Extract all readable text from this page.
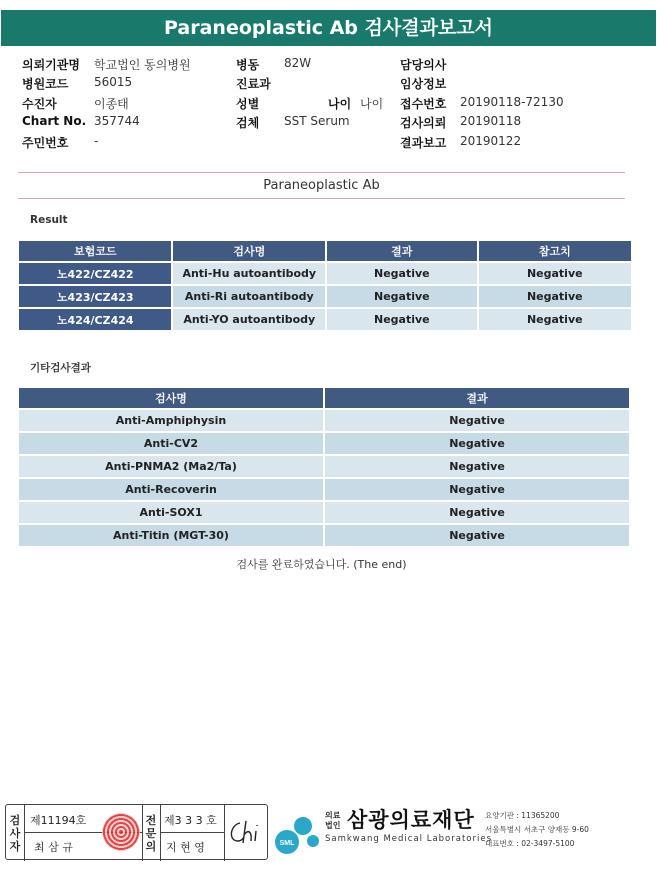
Paraneoplastic Ab 검사결과보고서
의뢰기관명 학교법인 동의병원	병동 82W	담당의사
병원코드 56015	진료과	임상정보
수진자	이종태	성별	나이 나이 접수번호 20190118-72130
Chart No. 357744	검체 SST Serum	검사의뢰 20190118
주민번호 -	결과보고 20190122
Paraneoplastic Ab
Result
보험코드	검사명	결과	참고치
노422/CZ422	Anti-Hu autoantibody	Negative	Negative
노423/CZ423	Anti-Ri autoantibody	Negative	Negative
노424/CZ424	Anti-YO autoantibody	Negative	Negative
기타검사결과
검사명	결과
Anti-Amphiphysin	Negative
Anti-CV2	Negative
Anti-PNMA2 (Ma2/Ta)	Negative
Anti-Recoverin	Negative
Anti-SOX1	Negative
Anti-Titin (MGT-30)	Negative
검사를 완료하였습니다. (The end)
검
사
자
제11194호
최 삼 규
전
문
의
제3 3 3 호
지 현 영	SML
의료
법인 삼광의료재단
Samkwang Medical Laboratories
요양기관 : 11365200
서울특별시 서초구 양재동 9-60
대표번호 : 02-3497-5100
